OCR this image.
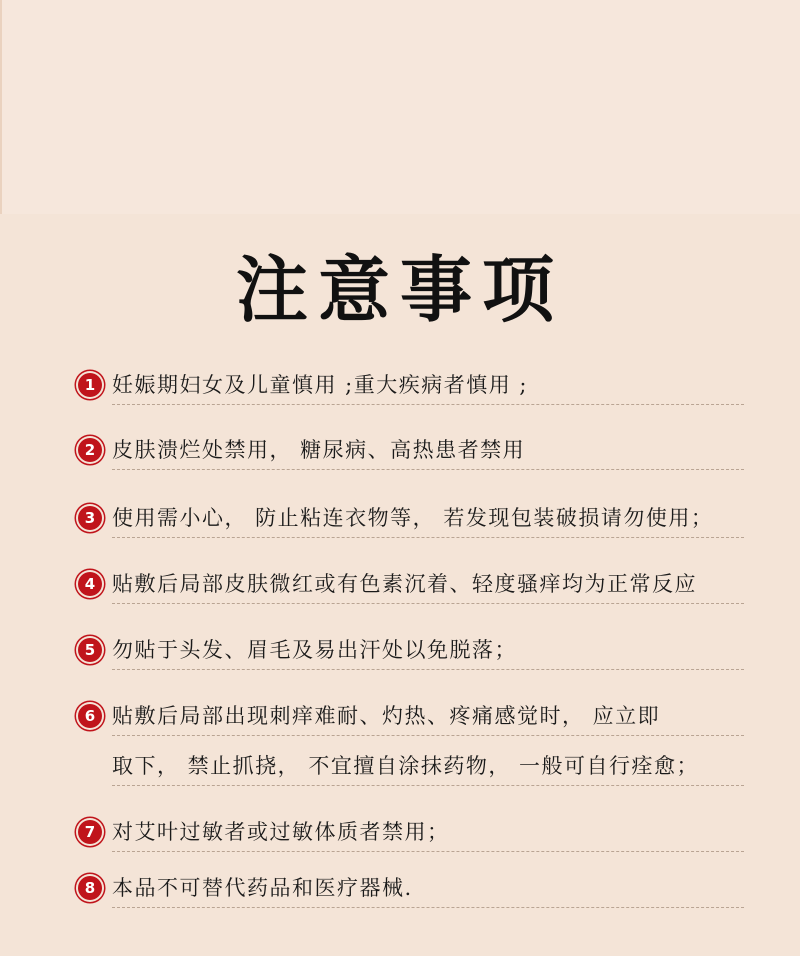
注意事项
1 妊娠期妇女及儿童慎用 ;重大疾病者慎用 ;
2 皮肤溃烂处禁用， 糖尿病、高热患者禁用
3 使用需小心， 防止粘连衣物等， 若发现包装破损请勿使用；
4 贴敷后局部皮肤微红或有色素沉着、轻度骚痒均为正常反应
5 勿贴于头发、眉毛及易出汗处以免脱落；
6 贴敷后局部出现刺痒难耐、灼热、疼痛感觉时， 应立即
取下， 禁止抓挠， 不宜擅自涂抹药物， 一般可自行痊愈；
7 对艾叶过敏者或过敏体质者禁用；
8 本品不可替代药品和医疗器械.
